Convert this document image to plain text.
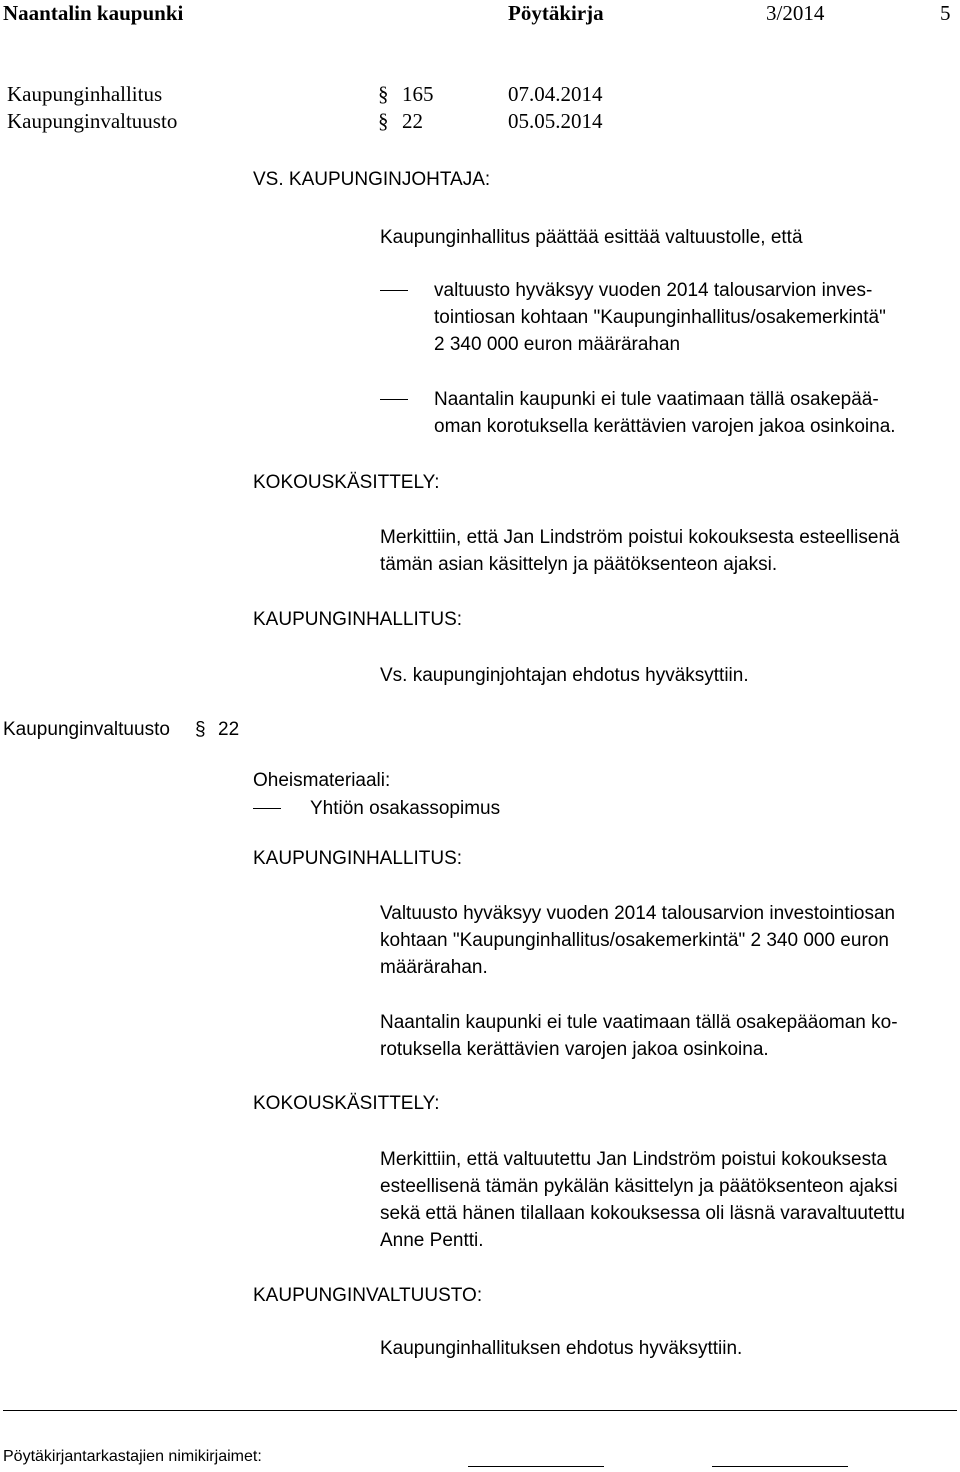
Naantalin kaupunki	Pöytäkirja	3/2014	5
Kaupunginhallitus	§ 165	07.04.2014
Kaupunginvaltuusto	§ 22	05.05.2014
VS. KAUPUNGINJOHTAJA:
Kaupunginhallitus päättää esittää valtuustolle, että
valtuusto hyväksyy vuoden 2014 talousarvion inves-
tointiosan kohtaan "Kaupunginhallitus/osakemerkintä"
2 340 000 euron määrärahan
Naantalin kaupunki ei tule vaatimaan tällä osakepää-
oman korotuksella kerättävien varojen jakoa osinkoina.
KOKOUSKÄSITTELY:
Merkittiin, että Jan Lindström poistui kokouksesta esteellisenä
tämän asian käsittelyn ja päätöksenteon ajaksi.
KAUPUNGINHALLITUS:
Vs. kaupunginjohtajan ehdotus hyväksyttiin.
Kaupunginvaltuusto § 22
Oheismateriaali:
Yhtiön osakassopimus
KAUPUNGINHALLITUS:
Valtuusto hyväksyy vuoden 2014 talousarvion investointiosan
kohtaan "Kaupunginhallitus/osakemerkintä" 2 340 000 euron
määrärahan.
Naantalin kaupunki ei tule vaatimaan tällä osakepääoman ko-
rotuksella kerättävien varojen jakoa osinkoina.
KOKOUSKÄSITTELY:
Merkittiin, että valtuutettu Jan Lindström poistui kokouksesta
esteellisenä tämän pykälän käsittelyn ja päätöksenteon ajaksi
sekä että hänen tilallaan kokouksessa oli läsnä varavaltuutettu
Anne Pentti.
KAUPUNGINVALTUUSTO:
Kaupunginhallituksen ehdotus hyväksyttiin.
Pöytäkirjantarkastajien nimikirjaimet:
